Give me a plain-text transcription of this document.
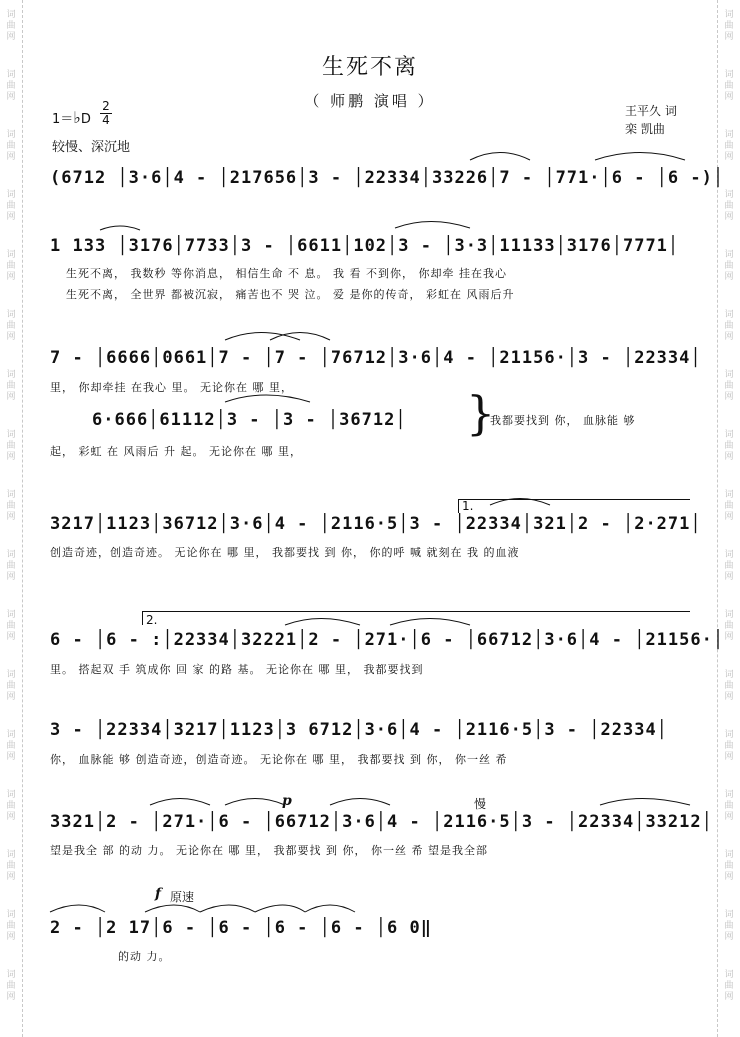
词曲网
词曲网
词曲网
词曲网
词曲网
词曲网
词曲网
词曲网
词曲网
词曲网
词曲网
词曲网
词曲网
词曲网
词曲网
词曲网
词曲网
词曲网
词曲网
词曲网
词曲网
词曲网
词曲网
词曲网
词曲网
词曲网
词曲网
词曲网
词曲网
词曲网
词曲网
词曲网
词曲网
词曲网
生死不离
（ 师鹏 演唱 ）
王平久 词
栾 凯曲
1＝♭D
2
4
较慢、深沉地
(6712 │3·6│4 - │217656│3 - │22334│33226│7 - │771·│6 - │6 -)│
1 133 │3176│7733│3 - │6611│102│3 - │3·3│11133│3176│7771│
生死不离， 我数秒 等你消息， 相信生命 不 息。 我 看 不到你， 你却牵 挂在我心
生死不离， 全世界 都被沉寂， 痛苦也不 哭 泣。 爱 是你的传奇， 彩虹在 风雨后升
7 - │6666│0661│7 - │7 - │76712│3·6│4 - │21156·│3 - │22334│
里， 你却牵挂 在我心 里。 无论你在 哪 里，
6·666│61112│3 - │3 - │36712│ }
我都要找到 你， 血脉能 够
起， 彩虹 在 风雨后 升 起。 无论你在 哪 里，
1.
3217│1123│36712│3·6│4 - │2116·5│3 - │22334│321│2 - │2·271│
创造奇迹，创造奇迹。 无论你在 哪 里， 我都要找 到 你， 你的呼 喊 就刻在 我 的血液
2.
6 - │6 - :│22334│32221│2 - │271·│6 - │66712│3·6│4 - │21156·│
里。 搭起双 手 筑成你 回 家 的路 基。 无论你在 哪 里， 我都要找到
3 - │22334│3217│1123│3 6712│3·6│4 - │2116·5│3 - │22334│
你， 血脉能 够 创造奇迹，创造奇迹。 无论你在 哪 里， 我都要找 到 你， 你一丝 希
p	慢
3321│2 - │271·│6 - │66712│3·6│4 - │2116·5│3 - │22334│33212│
望是我全 部 的动 力。 无论你在 哪 里， 我都要找 到 你， 你一丝 希 望是我全部
f 原速
2 - │2 17│6 - │6 - │6 - │6 - │6 0‖
的动 力。
